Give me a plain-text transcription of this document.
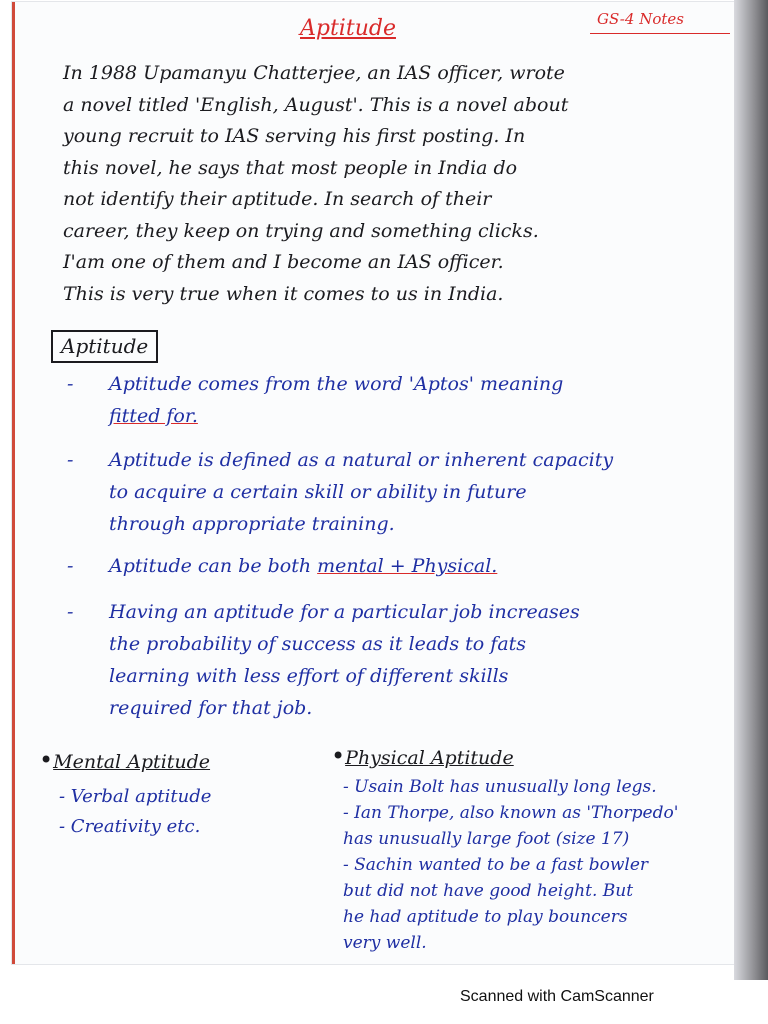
Aptitude	GS-4 Notes
In 1988 Upamanyu Chatterjee, an IAS officer, wrote
a novel titled 'English, August'. This is a novel about
young recruit to IAS serving his first posting. In
this novel, he says that most people in India do
not identify their aptitude. In search of their
career, they keep on trying and something clicks.
I'am one of them and I become an IAS officer.
This is very true when it comes to us in India.
Aptitude
- Aptitude comes from the word 'Aptos' meaning
fitted for.
- Aptitude is defined as a natural or inherent capacity
to acquire a certain skill or ability in future
through appropriate training.
- Aptitude can be both mental + Physical.
- Having an aptitude for a particular job increases
the probability of success as it leads to fats
learning with less effort of different skills
required for that job.
•Mental Aptitude
- Verbal aptitude
- Creativity etc.
•Physical Aptitude
- Usain Bolt has unusually long legs.
- Ian Thorpe, also known as 'Thorpedo'
has unusually large foot (size 17)
- Sachin wanted to be a fast bowler
but did not have good height. But
he had aptitude to play bouncers
very well.
Scanned with CamScanner
